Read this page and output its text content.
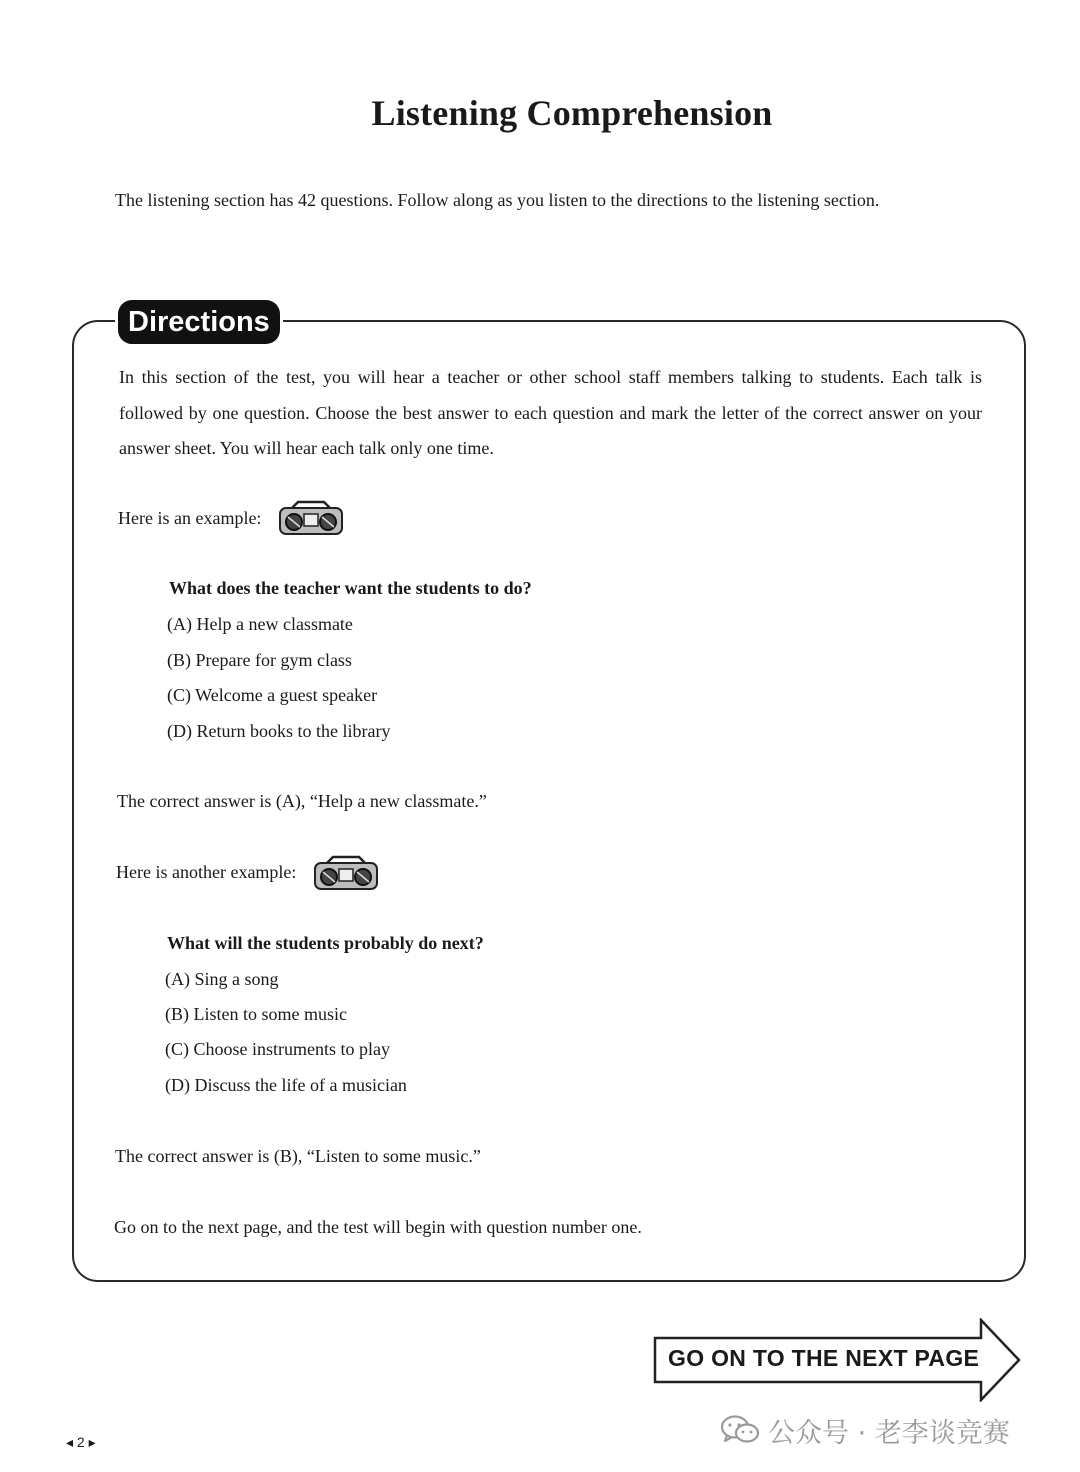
Listening Comprehension
The listening section has 42 questions. Follow along as you listen to the directions to the listening section.
Directions
In this section of the test, you will hear a teacher or other school staff members talking to students. Each talk is followed by one question. Choose the best answer to each question and mark the letter of the correct answer on your answer sheet. You will hear each talk only one time.
Here is an example:
What does the teacher want the students to do?
(A) Help a new classmate
(B) Prepare for gym class
(C) Welcome a guest speaker
(D) Return books to the library
The correct answer is (A), “Help a new classmate.”
Here is another example:
What will the students probably do next?
(A) Sing a song
(B) Listen to some music
(C) Choose instruments to play
(D) Discuss the life of a musician
The correct answer is (B), “Listen to some music.”
Go on to the next page, and the test will begin with question number one.
GO ON TO THE NEXT PAGE
◂ 2 ▸	公众号 · 老李谈竞赛
